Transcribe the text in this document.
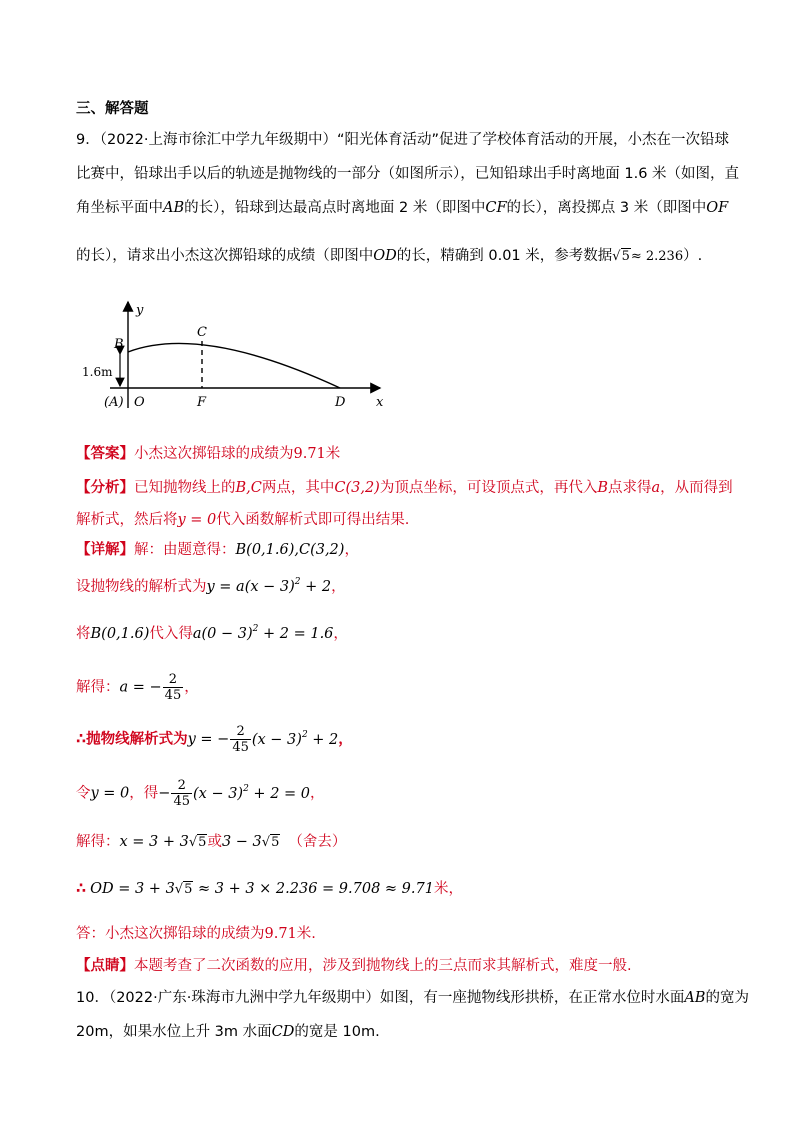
三、解答题
9．（2022·上海市徐汇中学九年级期中）“阳光体育活动”促进了学校体育活动的开展，小杰在一次铅球
比赛中，铅球出手以后的轨迹是抛物线的一部分（如图所示），已知铅球出手时离地面 1.6 米（如图，直
角坐标平面中AB的长），铅球到达最高点时离地面 2 米（即图中CF的长），离投掷点 3 米（即图中OF
的长），请求出小杰这次掷铅球的成绩（即图中OD的长，精确到 0.01 米，参考数据√5≈ 2.236）.
y
x
B
C
1.6m
(A) O	F	D
【答案】小杰这次掷铅球的成绩为9.71米
【分析】已知抛物线上的B,C两点，其中C(3,2)为顶点坐标，可设顶点式，再代入B点求得a，从而得到
解析式，然后将y = 0代入函数解析式即可得出结果.
【详解】解：由题意得：B(0,1.6),C(3,2)，
设抛物线的解析式为$y = a(x - 3)^2 + 2$，
将B(0,1.6)代入得$a(0 - 3)^2 + 2 = 1.6$，
解得：a = − $\frac{2}{45}$ ，
∴抛物线解析式为y = − $\frac{2}{45} (x - 3)^2 + 2$，
令y = 0，得− $\frac{2}{45} (x - 3)^2 + 2 = 0$，
解得：x = 3 + 3√5或3 − 3√5 （舍去）
∴ OD = 3 + 3√5 ≈ 3 + 3 × 2.236 = 9.708 ≈ 9.71米，
答：小杰这次掷铅球的成绩为9.71米.
【点睛】本题考查了二次函数的应用，涉及到抛物线上的三点而求其解析式，难度一般.
10．（2022·广东·珠海市九洲中学九年级期中）如图，有一座抛物线形拱桥，在正常水位时水面AB的宽为
20m，如果水位上升 3m 水面CD的宽是 10m.
